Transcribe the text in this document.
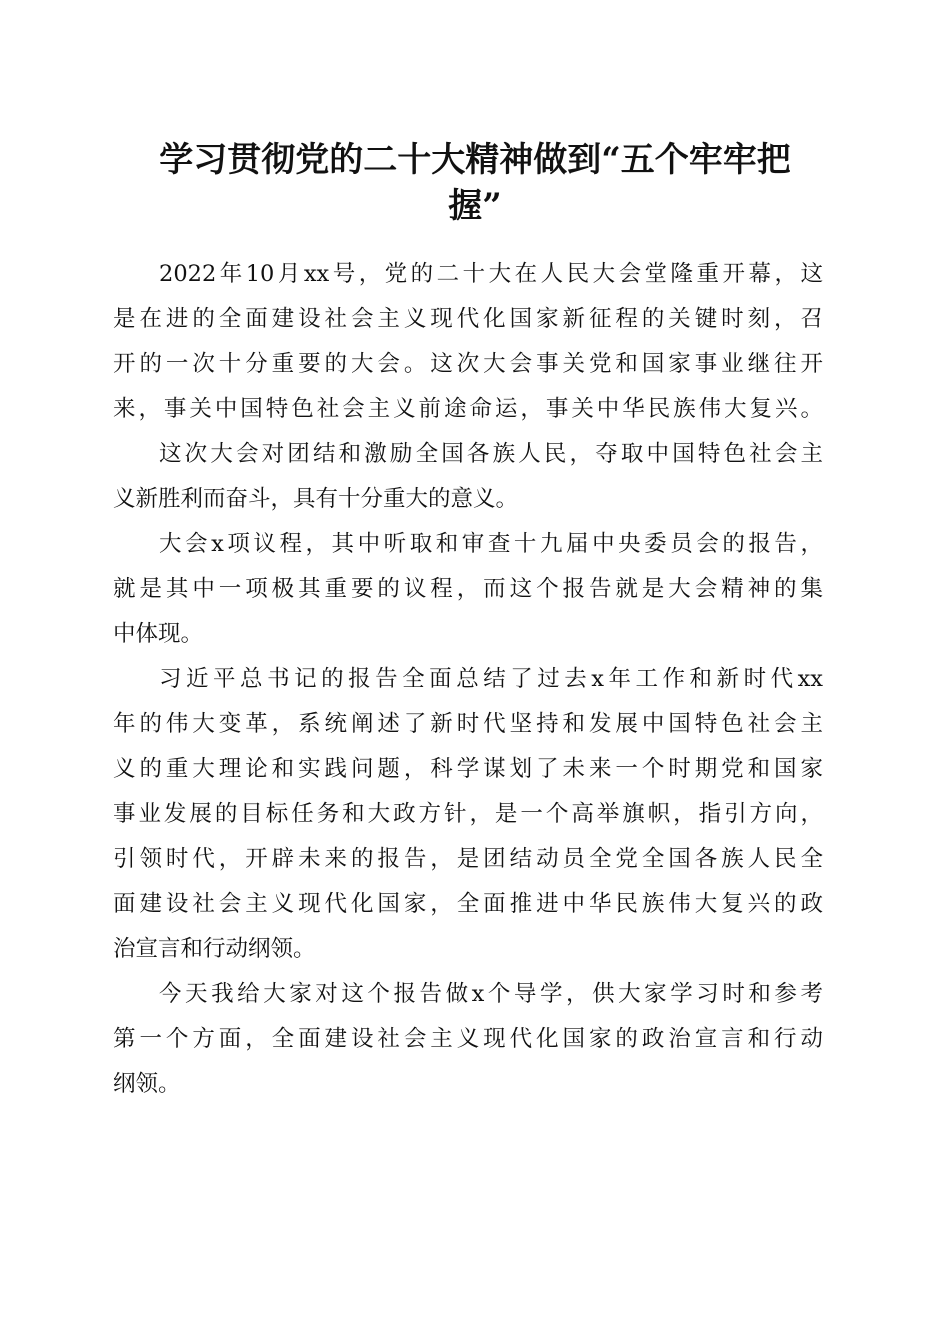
学习贯彻党的二十大精神做到“五个牢牢把
握”
2022年10月xx号，党的二十大在人民大会堂隆重开幕，这
是在进的全面建设社会主义现代化国家新征程的关键时刻，召
开的一次十分重要的大会。这次大会事关党和国家事业继往开
来，事关中国特色社会主义前途命运，事关中华民族伟大复兴。
这次大会对团结和激励全国各族人民，夺取中国特色社会主
义新胜利而奋斗，具有十分重大的意义。
大会x项议程，其中听取和审查十九届中央委员会的报告，
就是其中一项极其重要的议程，而这个报告就是大会精神的集
中体现。
习近平总书记的报告全面总结了过去x年工作和新时代xx
年的伟大变革，系统阐述了新时代坚持和发展中国特色社会主
义的重大理论和实践问题，科学谋划了未来一个时期党和国家
事业发展的目标任务和大政方针，是一个高举旗帜，指引方向，
引领时代，开辟未来的报告，是团结动员全党全国各族人民全
面建设社会主义现代化国家，全面推进中华民族伟大复兴的政
治宣言和行动纲领。
今天我给大家对这个报告做x个导学，供大家学习时和参考
第一个方面，全面建设社会主义现代化国家的政治宣言和行动
纲领。
